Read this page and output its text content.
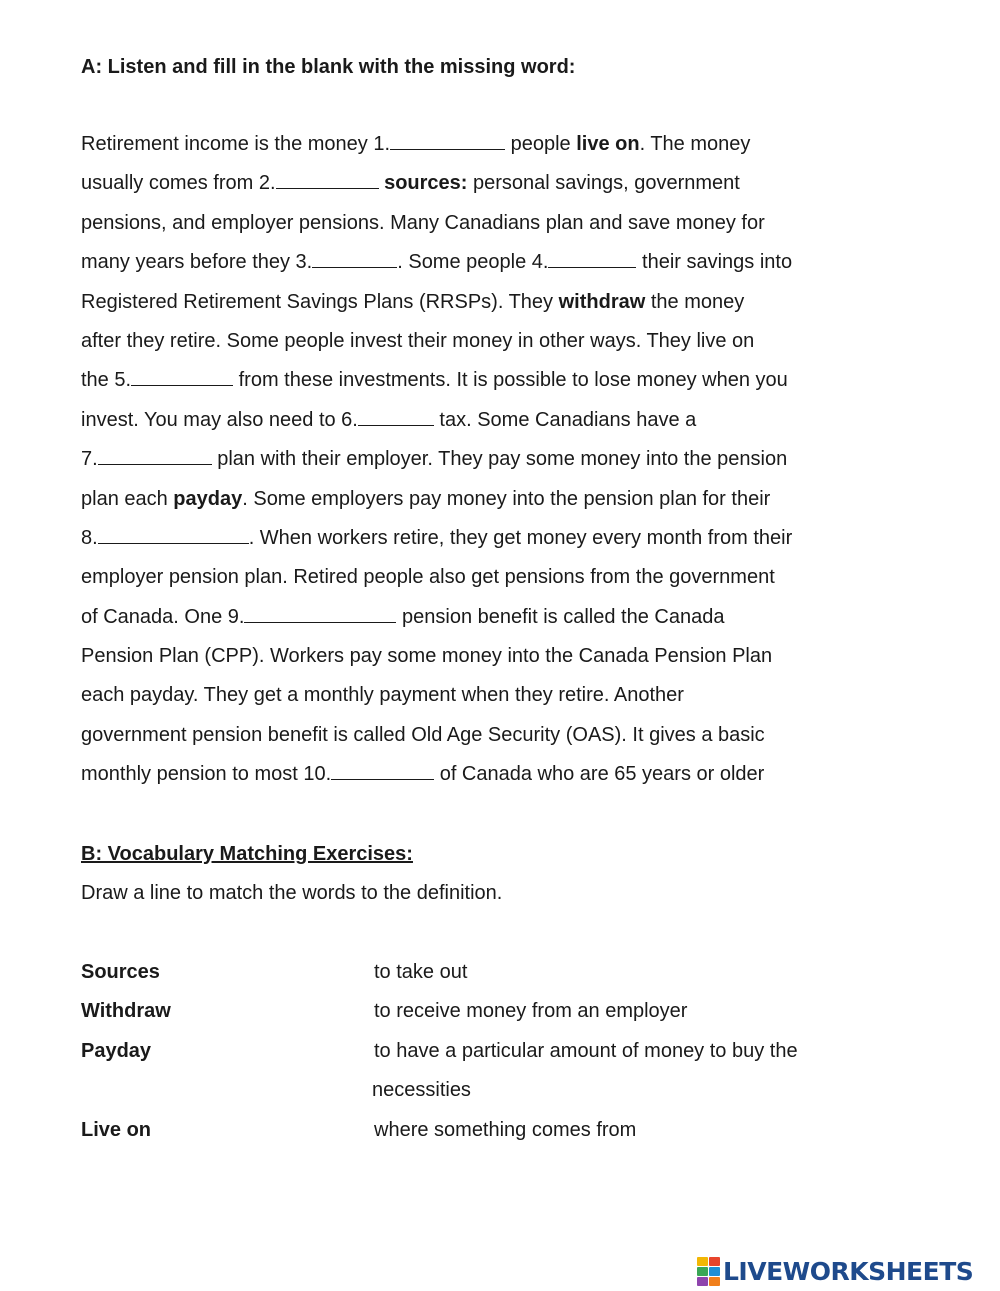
A: Listen and fill in the blank with the missing word:
Retirement income is the money 1.	people live on. The money
usually comes from 2.	sources: personal savings, government
pensions, and employer pensions. Many Canadians plan and save money for
many years before they 3.	. Some people 4.	their savings into
Registered Retirement Savings Plans (RRSPs). They withdraw the money
after they retire. Some people invest their money in other ways. They live on
the 5.	from these investments. It is possible to lose money when you
invest. You may also need to 6.	tax. Some Canadians have a
7.	plan with their employer. They pay some money into the pension
plan each payday. Some employers pay money into the pension plan for their
8.	. When workers retire, they get money every month from their
employer pension plan. Retired people also get pensions from the government
of Canada. One 9.	pension benefit is called the Canada
Pension Plan (CPP). Workers pay some money into the Canada Pension Plan
each payday. They get a monthly payment when they retire. Another
government pension benefit is called Old Age Security (OAS). It gives a basic
monthly pension to most 10.	of Canada who are 65 years or older
B: Vocabulary Matching Exercises:
Draw a line to match the words to the definition.
Sources	to take out
Withdraw	to receive money from an employer
Payday	to have a particular amount of money to buy the
necessities
Live on	where something comes from
LIVEWORKSHEETS
